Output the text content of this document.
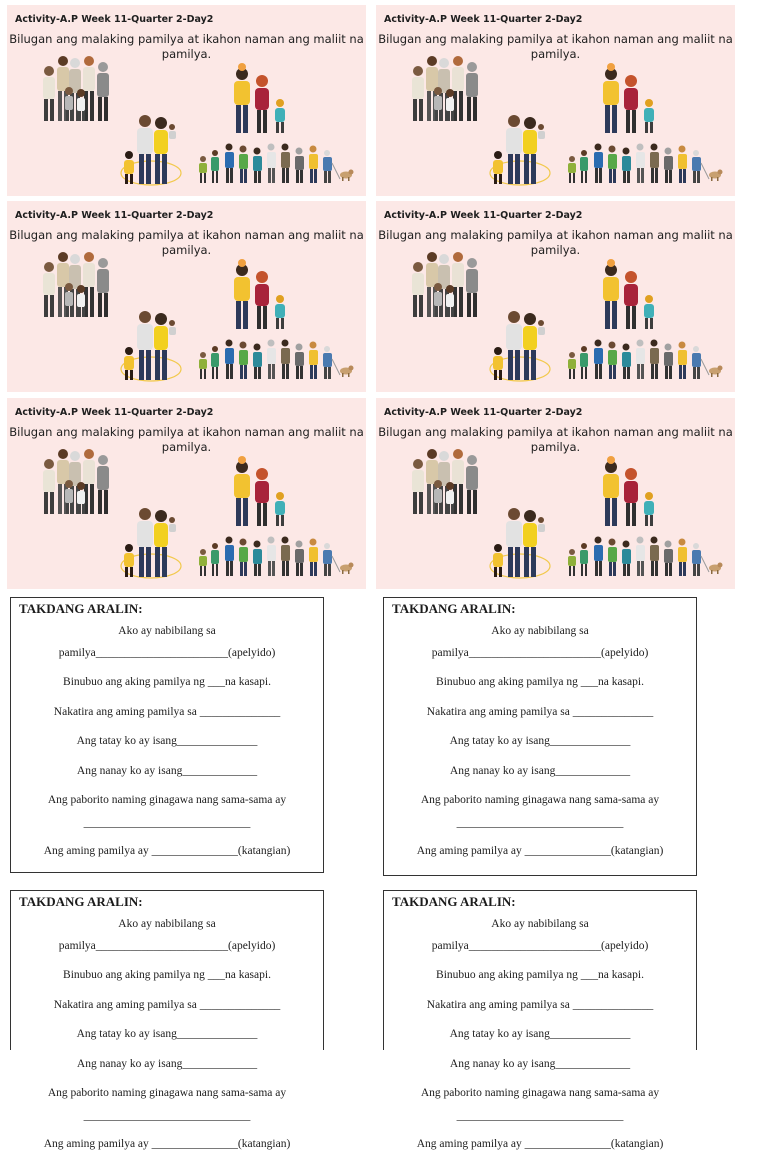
Activity-A.P Week 11-Quarter 2-Day2
Bilugan ang malaking pamilya at ikahon naman ang maliit na pamilya.
Activity-A.P Week 11-Quarter 2-Day2
Bilugan ang malaking pamilya at ikahon naman ang maliit na pamilya.
Activity-A.P Week 11-Quarter 2-Day2
Bilugan ang malaking pamilya at ikahon naman ang maliit na pamilya.
Activity-A.P Week 11-Quarter 2-Day2
Bilugan ang malaking pamilya at ikahon naman ang maliit na pamilya.
Activity-A.P Week 11-Quarter 2-Day2
Bilugan ang malaking pamilya at ikahon naman ang maliit na pamilya.
Activity-A.P Week 11-Quarter 2-Day2
Bilugan ang malaking pamilya at ikahon naman ang maliit na pamilya.
TAKDANG ARALIN:
Ako ay nabibilang sa
pamilya_______________________(apelyido)
Binubuo ang aking pamilya ng ___na kasapi.
Nakatira ang aming pamilya sa ______________
Ang tatay ko ay isang______________
Ang nanay ko ay isang_____________
Ang paborito naming ginagawa nang sama-sama ay
_____________________________
Ang aming pamilya ay _______________(katangian)
TAKDANG ARALIN:
Ako ay nabibilang sa
pamilya_______________________(apelyido)
Binubuo ang aking pamilya ng ___na kasapi.
Nakatira ang aming pamilya sa ______________
Ang tatay ko ay isang______________
Ang nanay ko ay isang_____________
Ang paborito naming ginagawa nang sama-sama ay
_____________________________
Ang aming pamilya ay _______________(katangian)
TAKDANG ARALIN:
Ako ay nabibilang sa
pamilya_______________________(apelyido)
Binubuo ang aking pamilya ng ___na kasapi.
Nakatira ang aming pamilya sa ______________
Ang tatay ko ay isang______________
Ang nanay ko ay isang_____________
Ang paborito naming ginagawa nang sama-sama ay
_____________________________
Ang aming pamilya ay _______________(katangian)
TAKDANG ARALIN:
Ako ay nabibilang sa
pamilya_______________________(apelyido)
Binubuo ang aking pamilya ng ___na kasapi.
Nakatira ang aming pamilya sa ______________
Ang tatay ko ay isang______________
Ang nanay ko ay isang_____________
Ang paborito naming ginagawa nang sama-sama ay
_____________________________
Ang aming pamilya ay _______________(katangian)
